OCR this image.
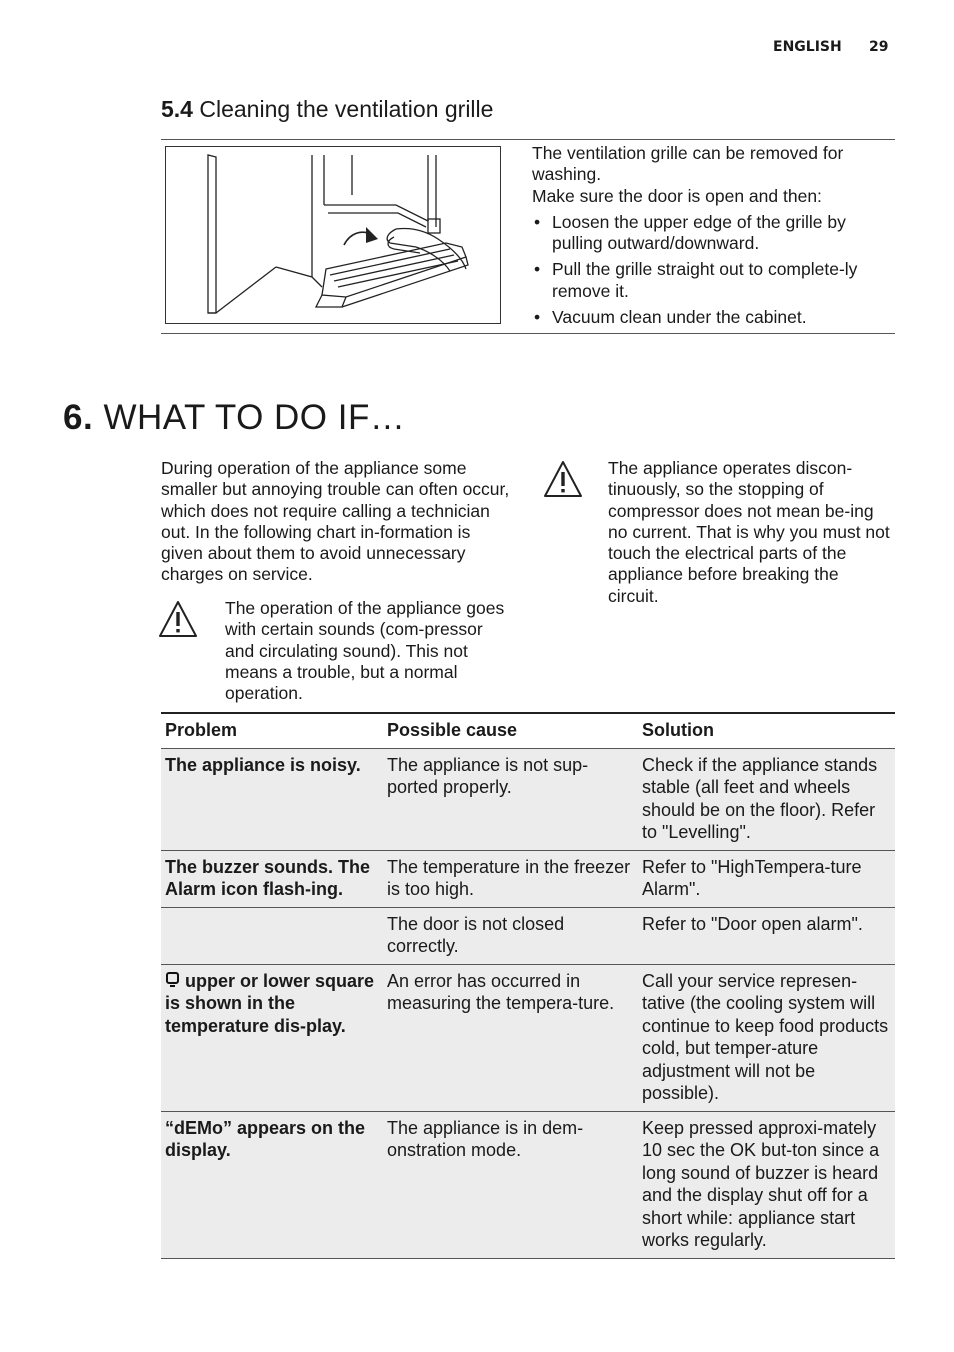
ENGLISH 29
5.4 Cleaning the ventilation grille
The ventilation grille can be removed for washing.
Make sure the door is open and then:
• Loosen the upper edge of the grille by pulling outward/downward.
• Pull the grille straight out to complete-ly remove it.
• Vacuum clean under the cabinet.
6. WHAT TO DO IF…
During operation of the appliance some smaller but annoying trouble can often occur, which does not require calling a technician out. In the following chart in-formation is given about them to avoid unnecessary charges on service.
The operation of the appliance goes with certain sounds (com-pressor and circulating sound). This not means a trouble, but a normal operation.
The appliance operates discon-tinuously, so the stopping of compressor does not mean be-ing no current. That is why you must not touch the electrical parts of the appliance before breaking the circuit.
Problem	Possible cause	Solution
The appliance is noisy.	The appliance is not sup-ported properly.	Check if the appliance stands stable (all feet and wheels should be on the floor). Refer to "Levelling".
The buzzer sounds. The Alarm icon flash-ing.	The temperature in the freezer is too high.	Refer to "HighTempera-ture Alarm".
	The door is not closed correctly.	Refer to "Door open alarm".
upper or lower square is shown in the temperature dis-play.	An error has occurred in measuring the tempera-ture.	Call your service represen-tative (the cooling system will continue to keep food products cold, but temper-ature adjustment will not be possible).
“dEMo” appears on the display.	The appliance is in dem-onstration mode.	Keep pressed approxi-mately 10 sec the OK but-ton since a long sound of buzzer is heard and the display shut off for a short while: appliance start works regularly.
